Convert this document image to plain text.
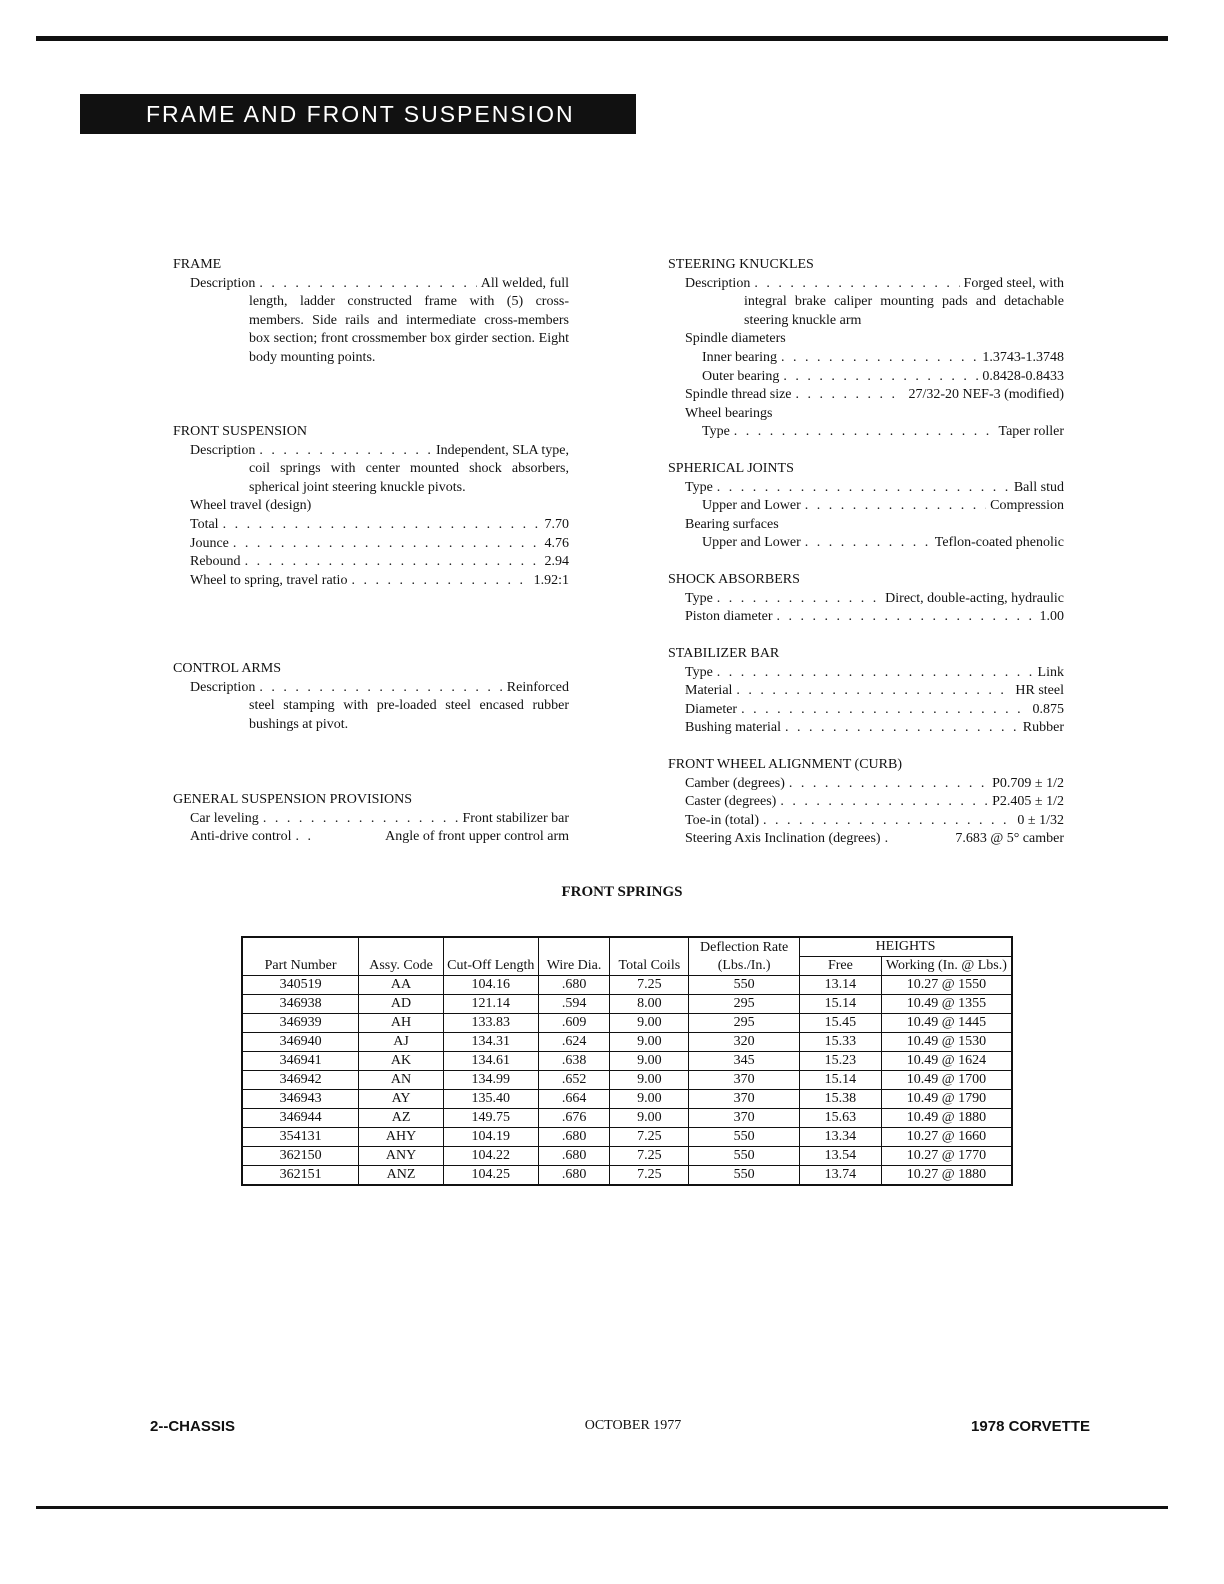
FRAME AND FRONT SUSPENSION
FRAME
Description . . .	All welded, full
length, ladder constructed frame with (5) cross-members. Side rails and intermediate cross-members box section; front crossmember box girder section. Eight body mounting points.
FRONT SUSPENSION
Description . . .	Independent, SLA type,
coil springs with center mounted shock absorbers, spherical joint steering knuckle pivots.
Wheel travel (design)
Total . . .	7.70
Jounce . . .	4.76
Rebound . . .	2.94
Wheel to spring, travel ratio . . .	1.92:1
CONTROL ARMS
Description . . .	Reinforced
steel stamping with pre-loaded steel encased rubber bushings at pivot.
GENERAL SUSPENSION PROVISIONS
Car leveling . . .	Front stabilizer bar
Anti-drive control . . .	Angle of front upper control arm
STEERING KNUCKLES
Description . . .	Forged steel, with
integral brake caliper mounting pads and detachable steering knuckle arm
Spindle diameters
Inner bearing . . .	1.3743-1.3748
Outer bearing . . .	0.8428-0.8433
Spindle thread size . . .	27/32-20 NEF-3 (modified)
Wheel bearings
Type . . .	Taper roller
SPHERICAL JOINTS
Type . . .	Ball stud
Upper and Lower . . .	Compression
Bearing surfaces
Upper and Lower . . .	Teflon-coated phenolic
SHOCK ABSORBERS
Type . . .	Direct, double-acting, hydraulic
Piston diameter . . .	1.00
STABILIZER BAR
Type . . .	Link
Material . . .	HR steel
Diameter . . .	0.875
Bushing material . . .	Rubber
FRONT WHEEL ALIGNMENT (CURB)
Camber (degrees) . . .	P0.709 ± 1/2
Caster (degrees) . . .	P2.405 ± 1/2
Toe-in (total) . . .	0 ± 1/32
Steering Axis Inclination (degrees) . . .	7.683 @ 5° camber
FRONT SPRINGS
Part Number	Assy. Code	Cut-Off Length	Wire Dia.	Total Coils	Deflection Rate (Lbs./In.)	HEIGHTS	
						Free	Working (In. @ Lbs.)
340519	AA	104.16	.680	7.25	550	13.14	10.27 @ 1550
346938	AD	121.14	.594	8.00	295	15.14	10.49 @ 1355
346939	AH	133.83	.609	9.00	295	15.45	10.49 @ 1445
346940	AJ	134.31	.624	9.00	320	15.33	10.49 @ 1530
346941	AK	134.61	.638	9.00	345	15.23	10.49 @ 1624
346942	AN	134.99	.652	9.00	370	15.14	10.49 @ 1700
346943	AY	135.40	.664	9.00	370	15.38	10.49 @ 1790
346944	AZ	149.75	.676	9.00	370	15.63	10.49 @ 1880
354131	AHY	104.19	.680	7.25	550	13.34	10.27 @ 1660
362150	ANY	104.22	.680	7.25	550	13.54	10.27 @ 1770
362151	ANZ	104.25	.680	7.25	550	13.74	10.27 @ 1880
2--CHASSIS	OCTOBER 1977	1978 CORVETTE
